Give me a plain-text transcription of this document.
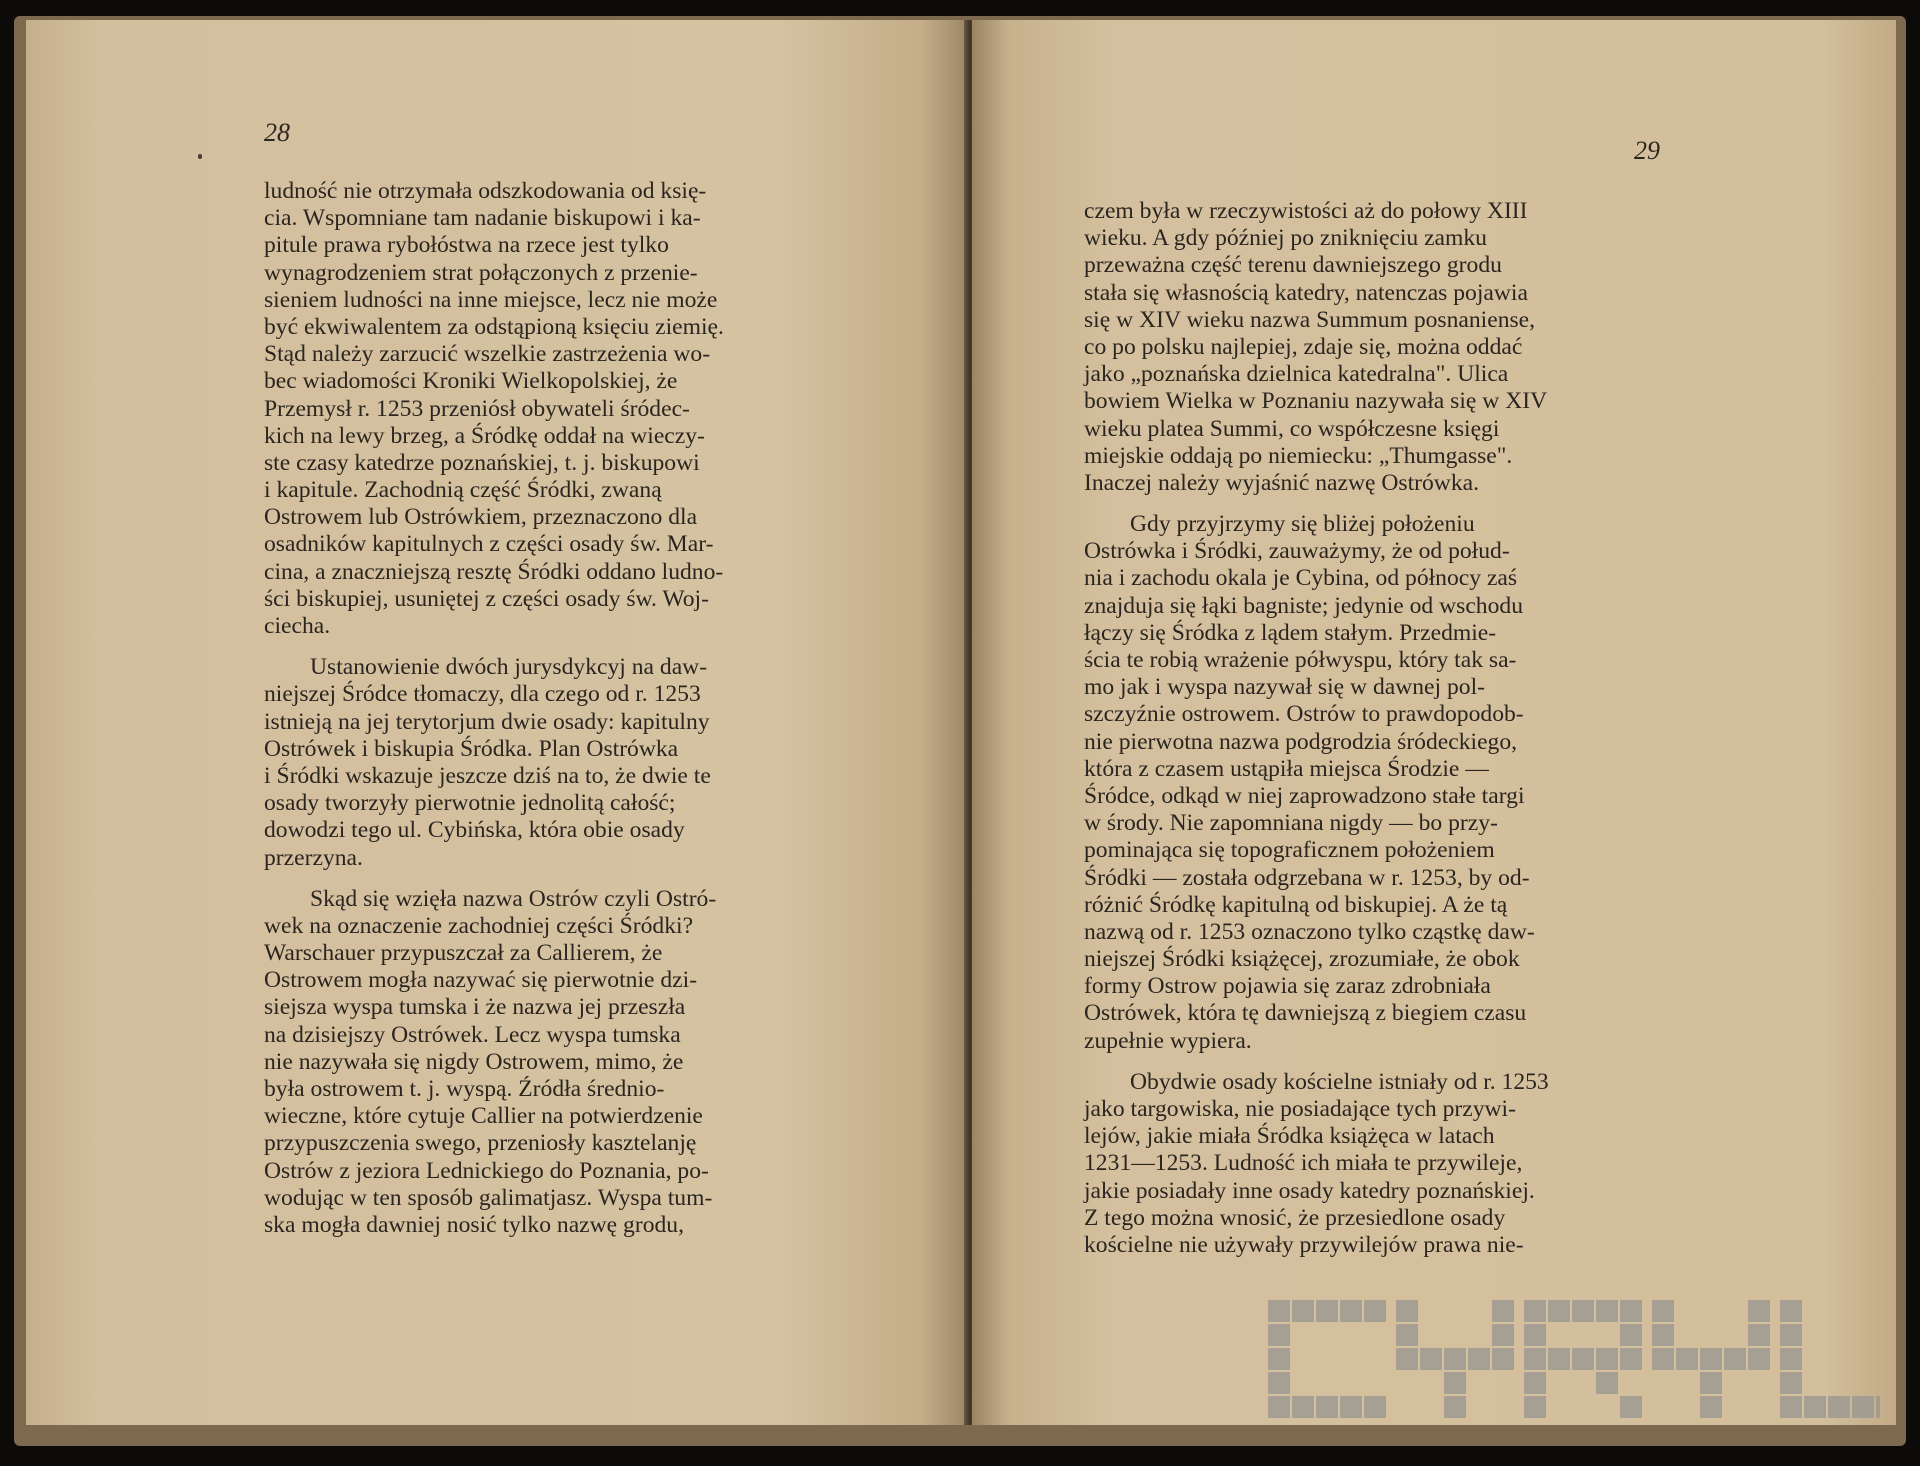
28
ludność nie otrzymała odszkodowania od księ-
cia. Wspomniane tam nadanie biskupowi i ka-
pitule prawa rybołóstwa na rzece jest tylko
wynagrodzeniem strat połączonych z przenie-
sieniem ludności na inne miejsce, lecz nie może
być ekwiwalentem za odstąpioną księciu ziemię.
Stąd należy zarzucić wszelkie zastrzeżenia wo-
bec wiadomości Kroniki Wielkopolskiej, że
Przemysł r. 1253 przeniósł obywateli śródec-
kich na lewy brzeg, a Śródkę oddał na wieczy-
ste czasy katedrze poznańskiej, t. j. biskupowi
i kapitule. Zachodnią część Śródki, zwaną
Ostrowem lub Ostrówkiem, przeznaczono dla
osadników kapitulnych z części osady św. Mar-
cina, a znaczniejszą resztę Śródki oddano ludno-
ści biskupiej, usuniętej z części osady św. Woj-
ciecha.
Ustanowienie dwóch jurysdykcyj na daw-
niejszej Śródce tłomaczy, dla czego od r. 1253
istnieją na jej terytorjum dwie osady: kapitulny
Ostrówek i biskupia Śródka. Plan Ostrówka
i Śródki wskazuje jeszcze dziś na to, że dwie te
osady tworzyły pierwotnie jednolitą całość;
dowodzi tego ul. Cybińska, która obie osady
przerzyna.
Skąd się wzięła nazwa Ostrów czyli Ostró-
wek na oznaczenie zachodniej części Śródki?
Warschauer przypuszczał za Callierem, że
Ostrowem mogła nazywać się pierwotnie dzi-
siejsza wyspa tumska i że nazwa jej przeszła
na dzisiejszy Ostrówek. Lecz wyspa tumska
nie nazywała się nigdy Ostrowem, mimo, że
była ostrowem t. j. wyspą. Źródła średnio-
wieczne, które cytuje Callier na potwierdzenie
przypuszczenia swego, przeniosły kasztelanję
Ostrów z jeziora Lednickiego do Poznania, po-
wodując w ten sposób galimatjasz. Wyspa tum-
ska mogła dawniej nosić tylko nazwę grodu,
29
czem była w rzeczywistości aż do połowy XIII
wieku. A gdy później po zniknięciu zamku
przeważna część terenu dawniejszego grodu
stała się własnością katedry, natenczas pojawia
się w XIV wieku nazwa Summum posnaniense,
co po polsku najlepiej, zdaje się, można oddać
jako „poznańska dzielnica katedralna". Ulica
bowiem Wielka w Poznaniu nazywała się w XIV
wieku platea Summi, co współczesne księgi
miejskie oddają po niemiecku: „Thumgasse".
Inaczej należy wyjaśnić nazwę Ostrówka.
Gdy przyjrzymy się bliżej położeniu
Ostrówka i Śródki, zauważymy, że od połud-
nia i zachodu okala je Cybina, od północy zaś
znajduja się łąki bagniste; jedynie od wschodu
łączy się Śródka z lądem stałym. Przedmie-
ścia te robią wrażenie półwyspu, który tak sa-
mo jak i wyspa nazywał się w dawnej pol-
szczyźnie ostrowem. Ostrów to prawdopodob-
nie pierwotna nazwa podgrodzia śródeckiego,
która z czasem ustąpiła miejsca Środzie —
Śródce, odkąd w niej zaprowadzono stałe targi
w środy. Nie zapomniana nigdy — bo przy-
pominająca się topograficznem położeniem
Śródki — została odgrzebana w r. 1253, by od-
różnić Śródkę kapitulną od biskupiej. A że tą
nazwą od r. 1253 oznaczono tylko cząstkę daw-
niejszej Śródki książęcej, zrozumiałe, że obok
formy Ostrow pojawia się zaraz zdrobniała
Ostrówek, która tę dawniejszą z biegiem czasu
zupełnie wypiera.
Obydwie osady kościelne istniały od r. 1253
jako targowiska, nie posiadające tych przywi-
lejów, jakie miała Śródka książęca w latach
1231—1253. Ludność ich miała te przywileje,
jakie posiadały inne osady katedry poznańskiej.
Z tego można wnosić, że przesiedlone osady
kościelne nie używały przywilejów prawa nie-
